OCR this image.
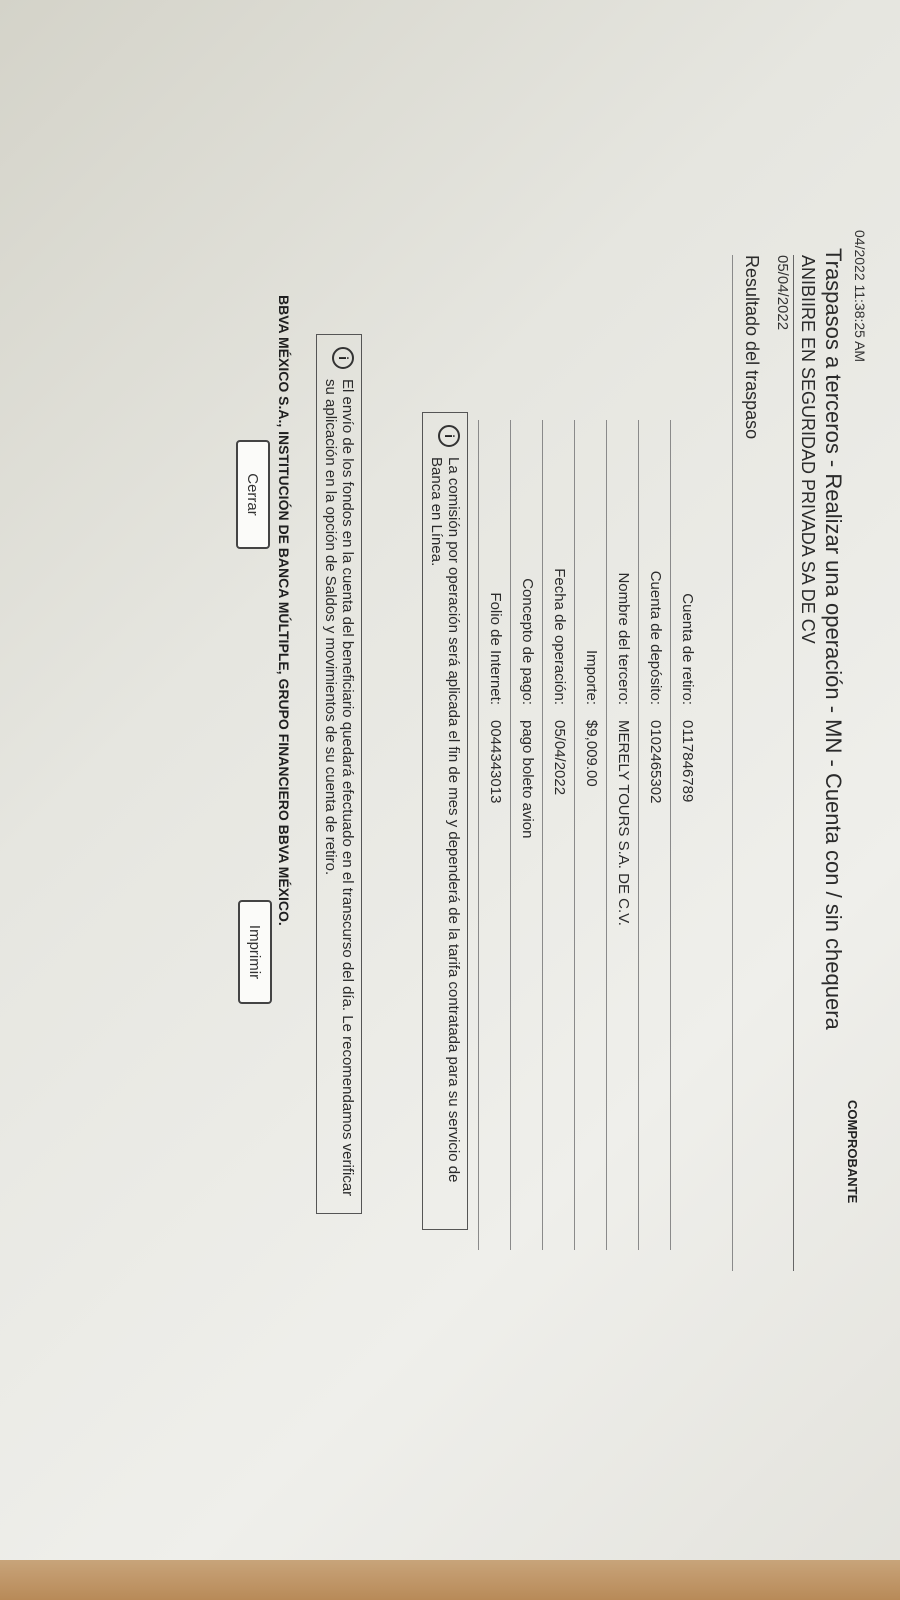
04/2022 11:38:25 AM
COMPROBANTE
Traspasos a terceros - Realizar una operación - MN - Cuenta con / sin chequera
ANIBIIRE EN SEGURIDAD PRIVADA SA DE CV
05/04/2022
Resultado del traspaso
Cuenta de retiro:
0117846789
Cuenta de depósito:
0102465302
Nombre del tercero:
MERELY TOURS S.A. DE C.V.
Importe:
$9,009.00
Fecha de operación:
05/04/2022
Concepto de pago:
pago boleto avion
Folio de Internet:
0044343013
i
La comisión por operación será aplicada el fin de mes y dependerá de la tarifa contratada para su servicio de Banca en Línea.
i
El envío de los fondos en la cuenta del beneficiario quedará efectuado en el transcurso del día. Le recomendamos verificar su aplicación en la opción de Saldos y movimientos de su cuenta de retiro.
BBVA MÉXICO S.A., INSTITUCIÓN DE BANCA MÚLTIPLE, GRUPO FINANCIERO BBVA MÉXICO.
Cerrar
Imprimir
